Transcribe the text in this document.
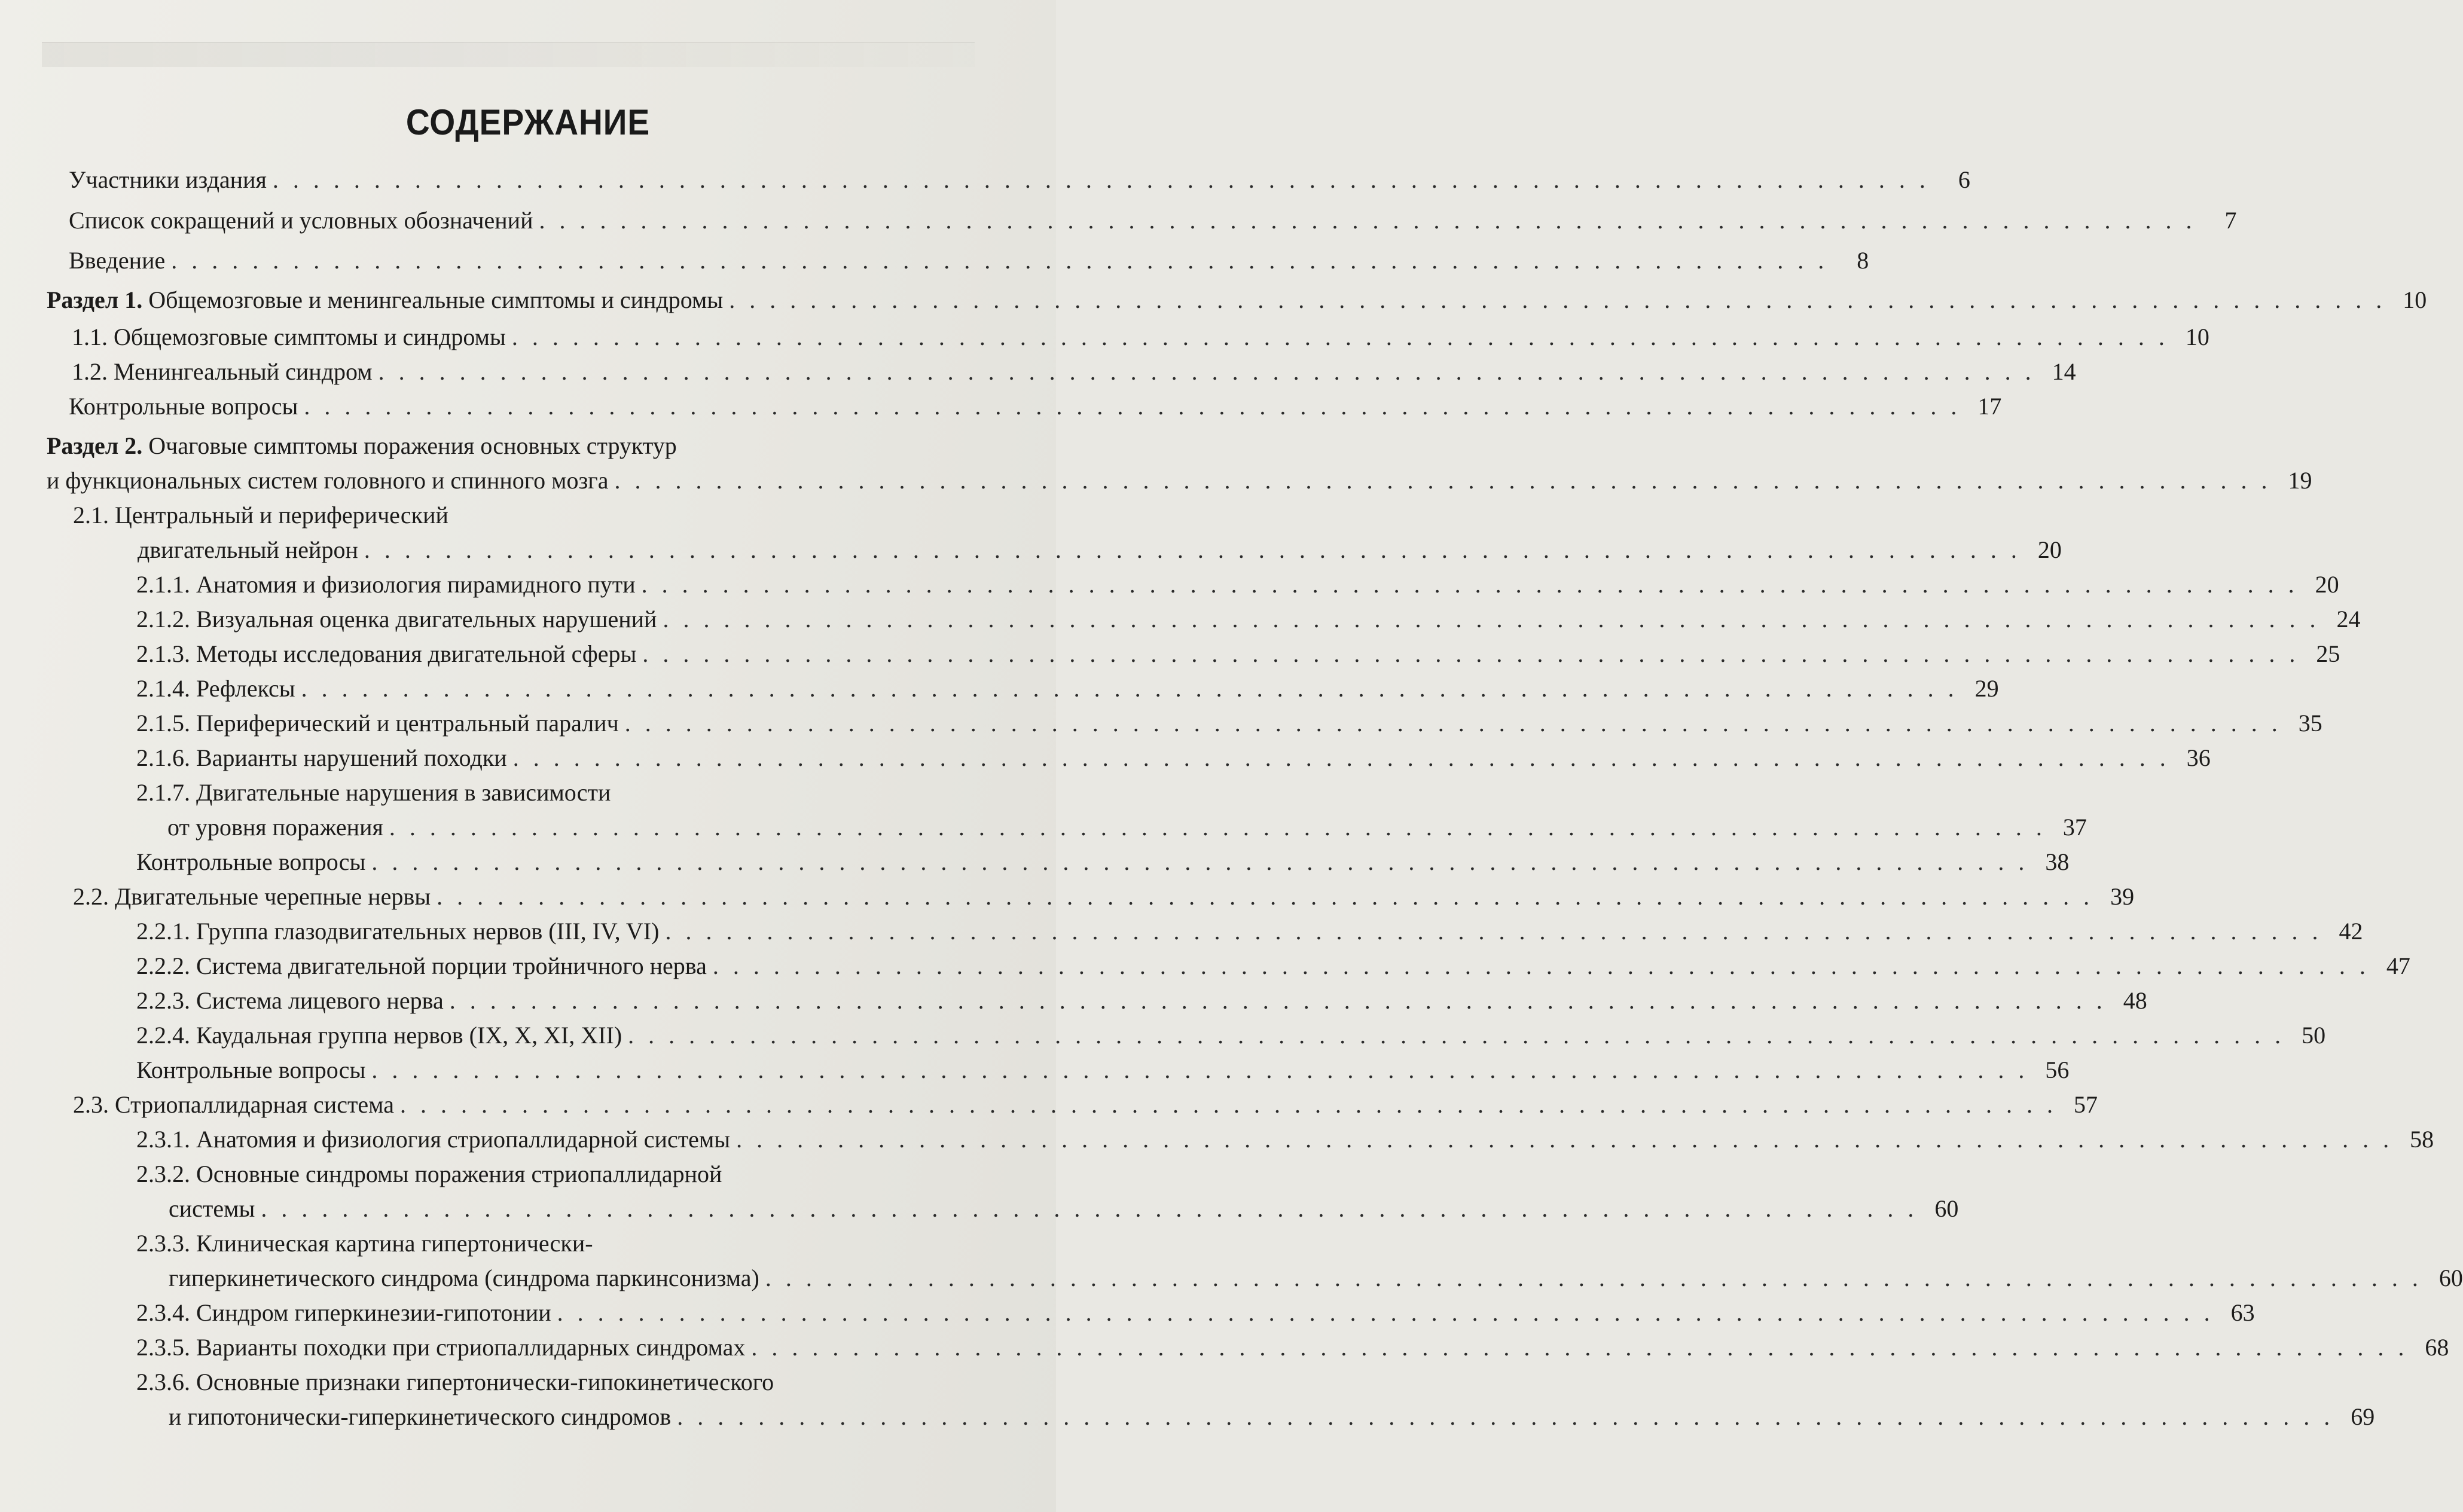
СОДЕРЖАНИЕ
Участники издания . . . . . . . . . . . . . . . . . . . . . . . . . . . . . . . . . . . . . . . . . . . . . . . . . . . . . . . . . . . . . . . . . . . . . . . . . . . . . . . . . .	6
Список сокращений и условных обозначений . . . . . . . . . . . . . . . . . . . . . . . . . . . . . . . . . . . . . . . . . . . . . . . . . . . . . . . . . . . . . . . . . . . . . . . . . . . . . . . . . .	7
Введение . . . . . . . . . . . . . . . . . . . . . . . . . . . . . . . . . . . . . . . . . . . . . . . . . . . . . . . . . . . . . . . . . . . . . . . . . . . . . . . . . .	8
Раздел 1. Общемозговые и менингеальные симптомы и синдромы . . . . . . . . . . . . . . . . . . . . . . . . . . . . . . . . . . . . . . . . . . . . . . . . . . . . . . . . . . . . . . . . . . . . . . . . . . . . . . . . . . 10
1.1. Общемозговые симптомы и синдромы . . . . . . . . . . . . . . . . . . . . . . . . . . . . . . . . . . . . . . . . . . . . . . . . . . . . . . . . . . . . . . . . . . . . . . . . . . . . . . . . . . 10
1.2. Менингеальный синдром . . . . . . . . . . . . . . . . . . . . . . . . . . . . . . . . . . . . . . . . . . . . . . . . . . . . . . . . . . . . . . . . . . . . . . . . . . . . . . . . . . 14
Контрольные вопросы . . . . . . . . . . . . . . . . . . . . . . . . . . . . . . . . . . . . . . . . . . . . . . . . . . . . . . . . . . . . . . . . . . . . . . . . . . . . . . . . . . 17
Раздел 2. Очаговые симптомы поражения основных структур
и функциональных систем головного и спинного мозга . . . . . . . . . . . . . . . . . . . . . . . . . . . . . . . . . . . . . . . . . . . . . . . . . . . . . . . . . . . . . . . . . . . . . . . . . . . . . . . . . . 19
2.1. Центральный и периферический
двигательный нейрон . . . . . . . . . . . . . . . . . . . . . . . . . . . . . . . . . . . . . . . . . . . . . . . . . . . . . . . . . . . . . . . . . . . . . . . . . . . . . . . . . . 20
2.1.1. Анатомия и физиология пирамидного пути . . . . . . . . . . . . . . . . . . . . . . . . . . . . . . . . . . . . . . . . . . . . . . . . . . . . . . . . . . . . . . . . . . . . . . . . . . . . . . . . . . 20
2.1.2. Визуальная оценка двигательных нарушений . . . . . . . . . . . . . . . . . . . . . . . . . . . . . . . . . . . . . . . . . . . . . . . . . . . . . . . . . . . . . . . . . . . . . . . . . . . . . . . . . . 24
2.1.3. Методы исследования двигательной сферы . . . . . . . . . . . . . . . . . . . . . . . . . . . . . . . . . . . . . . . . . . . . . . . . . . . . . . . . . . . . . . . . . . . . . . . . . . . . . . . . . . 25
2.1.4. Рефлексы . . . . . . . . . . . . . . . . . . . . . . . . . . . . . . . . . . . . . . . . . . . . . . . . . . . . . . . . . . . . . . . . . . . . . . . . . . . . . . . . . . 29
2.1.5. Периферический и центральный паралич . . . . . . . . . . . . . . . . . . . . . . . . . . . . . . . . . . . . . . . . . . . . . . . . . . . . . . . . . . . . . . . . . . . . . . . . . . . . . . . . . . 35
2.1.6. Варианты нарушений походки . . . . . . . . . . . . . . . . . . . . . . . . . . . . . . . . . . . . . . . . . . . . . . . . . . . . . . . . . . . . . . . . . . . . . . . . . . . . . . . . . . 36
2.1.7. Двигательные нарушения в зависимости
от уровня поражения . . . . . . . . . . . . . . . . . . . . . . . . . . . . . . . . . . . . . . . . . . . . . . . . . . . . . . . . . . . . . . . . . . . . . . . . . . . . . . . . . . 37
Контрольные вопросы . . . . . . . . . . . . . . . . . . . . . . . . . . . . . . . . . . . . . . . . . . . . . . . . . . . . . . . . . . . . . . . . . . . . . . . . . . . . . . . . . . 38
2.2. Двигательные черепные нервы . . . . . . . . . . . . . . . . . . . . . . . . . . . . . . . . . . . . . . . . . . . . . . . . . . . . . . . . . . . . . . . . . . . . . . . . . . . . . . . . . . 39
2.2.1. Группа глазодвигательных нервов (III, IV, VI) . . . . . . . . . . . . . . . . . . . . . . . . . . . . . . . . . . . . . . . . . . . . . . . . . . . . . . . . . . . . . . . . . . . . . . . . . . . . . . . . . . 42
2.2.2. Система двигательной порции тройничного нерва . . . . . . . . . . . . . . . . . . . . . . . . . . . . . . . . . . . . . . . . . . . . . . . . . . . . . . . . . . . . . . . . . . . . . . . . . . . . . . . . . . 47
2.2.3. Система лицевого нерва . . . . . . . . . . . . . . . . . . . . . . . . . . . . . . . . . . . . . . . . . . . . . . . . . . . . . . . . . . . . . . . . . . . . . . . . . . . . . . . . . . 48
2.2.4. Каудальная группа нервов (IX, X, XI, XII) . . . . . . . . . . . . . . . . . . . . . . . . . . . . . . . . . . . . . . . . . . . . . . . . . . . . . . . . . . . . . . . . . . . . . . . . . . . . . . . . . . 50
Контрольные вопросы . . . . . . . . . . . . . . . . . . . . . . . . . . . . . . . . . . . . . . . . . . . . . . . . . . . . . . . . . . . . . . . . . . . . . . . . . . . . . . . . . . 56
2.3. Стриопаллидарная система . . . . . . . . . . . . . . . . . . . . . . . . . . . . . . . . . . . . . . . . . . . . . . . . . . . . . . . . . . . . . . . . . . . . . . . . . . . . . . . . . . 57
2.3.1. Анатомия и физиология стриопаллидарной системы . . . . . . . . . . . . . . . . . . . . . . . . . . . . . . . . . . . . . . . . . . . . . . . . . . . . . . . . . . . . . . . . . . . . . . . . . . . . . . . . . . 58
2.3.2. Основные синдромы поражения стриопаллидарной
системы . . . . . . . . . . . . . . . . . . . . . . . . . . . . . . . . . . . . . . . . . . . . . . . . . . . . . . . . . . . . . . . . . . . . . . . . . . . . . . . . . . 60
2.3.3. Клиническая картина гипертонически-
гиперкинетического синдрома (синдрома паркинсонизма) . . . . . . . . . . . . . . . . . . . . . . . . . . . . . . . . . . . . . . . . . . . . . . . . . . . . . . . . . . . . . . . . . . . . . . . . . . . . . . . . . . 60
2.3.4. Синдром гиперкинезии-гипотонии . . . . . . . . . . . . . . . . . . . . . . . . . . . . . . . . . . . . . . . . . . . . . . . . . . . . . . . . . . . . . . . . . . . . . . . . . . . . . . . . . . 63
2.3.5. Варианты походки при стриопаллидарных синдромах . . . . . . . . . . . . . . . . . . . . . . . . . . . . . . . . . . . . . . . . . . . . . . . . . . . . . . . . . . . . . . . . . . . . . . . . . . . . . . . . . . 68
2.3.6. Основные признаки гипертонически-гипокинетического
и гипотонически-гиперкинетического синдромов . . . . . . . . . . . . . . . . . . . . . . . . . . . . . . . . . . . . . . . . . . . . . . . . . . . . . . . . . . . . . . . . . . . . . . . . . . . . . . . . . . 69
